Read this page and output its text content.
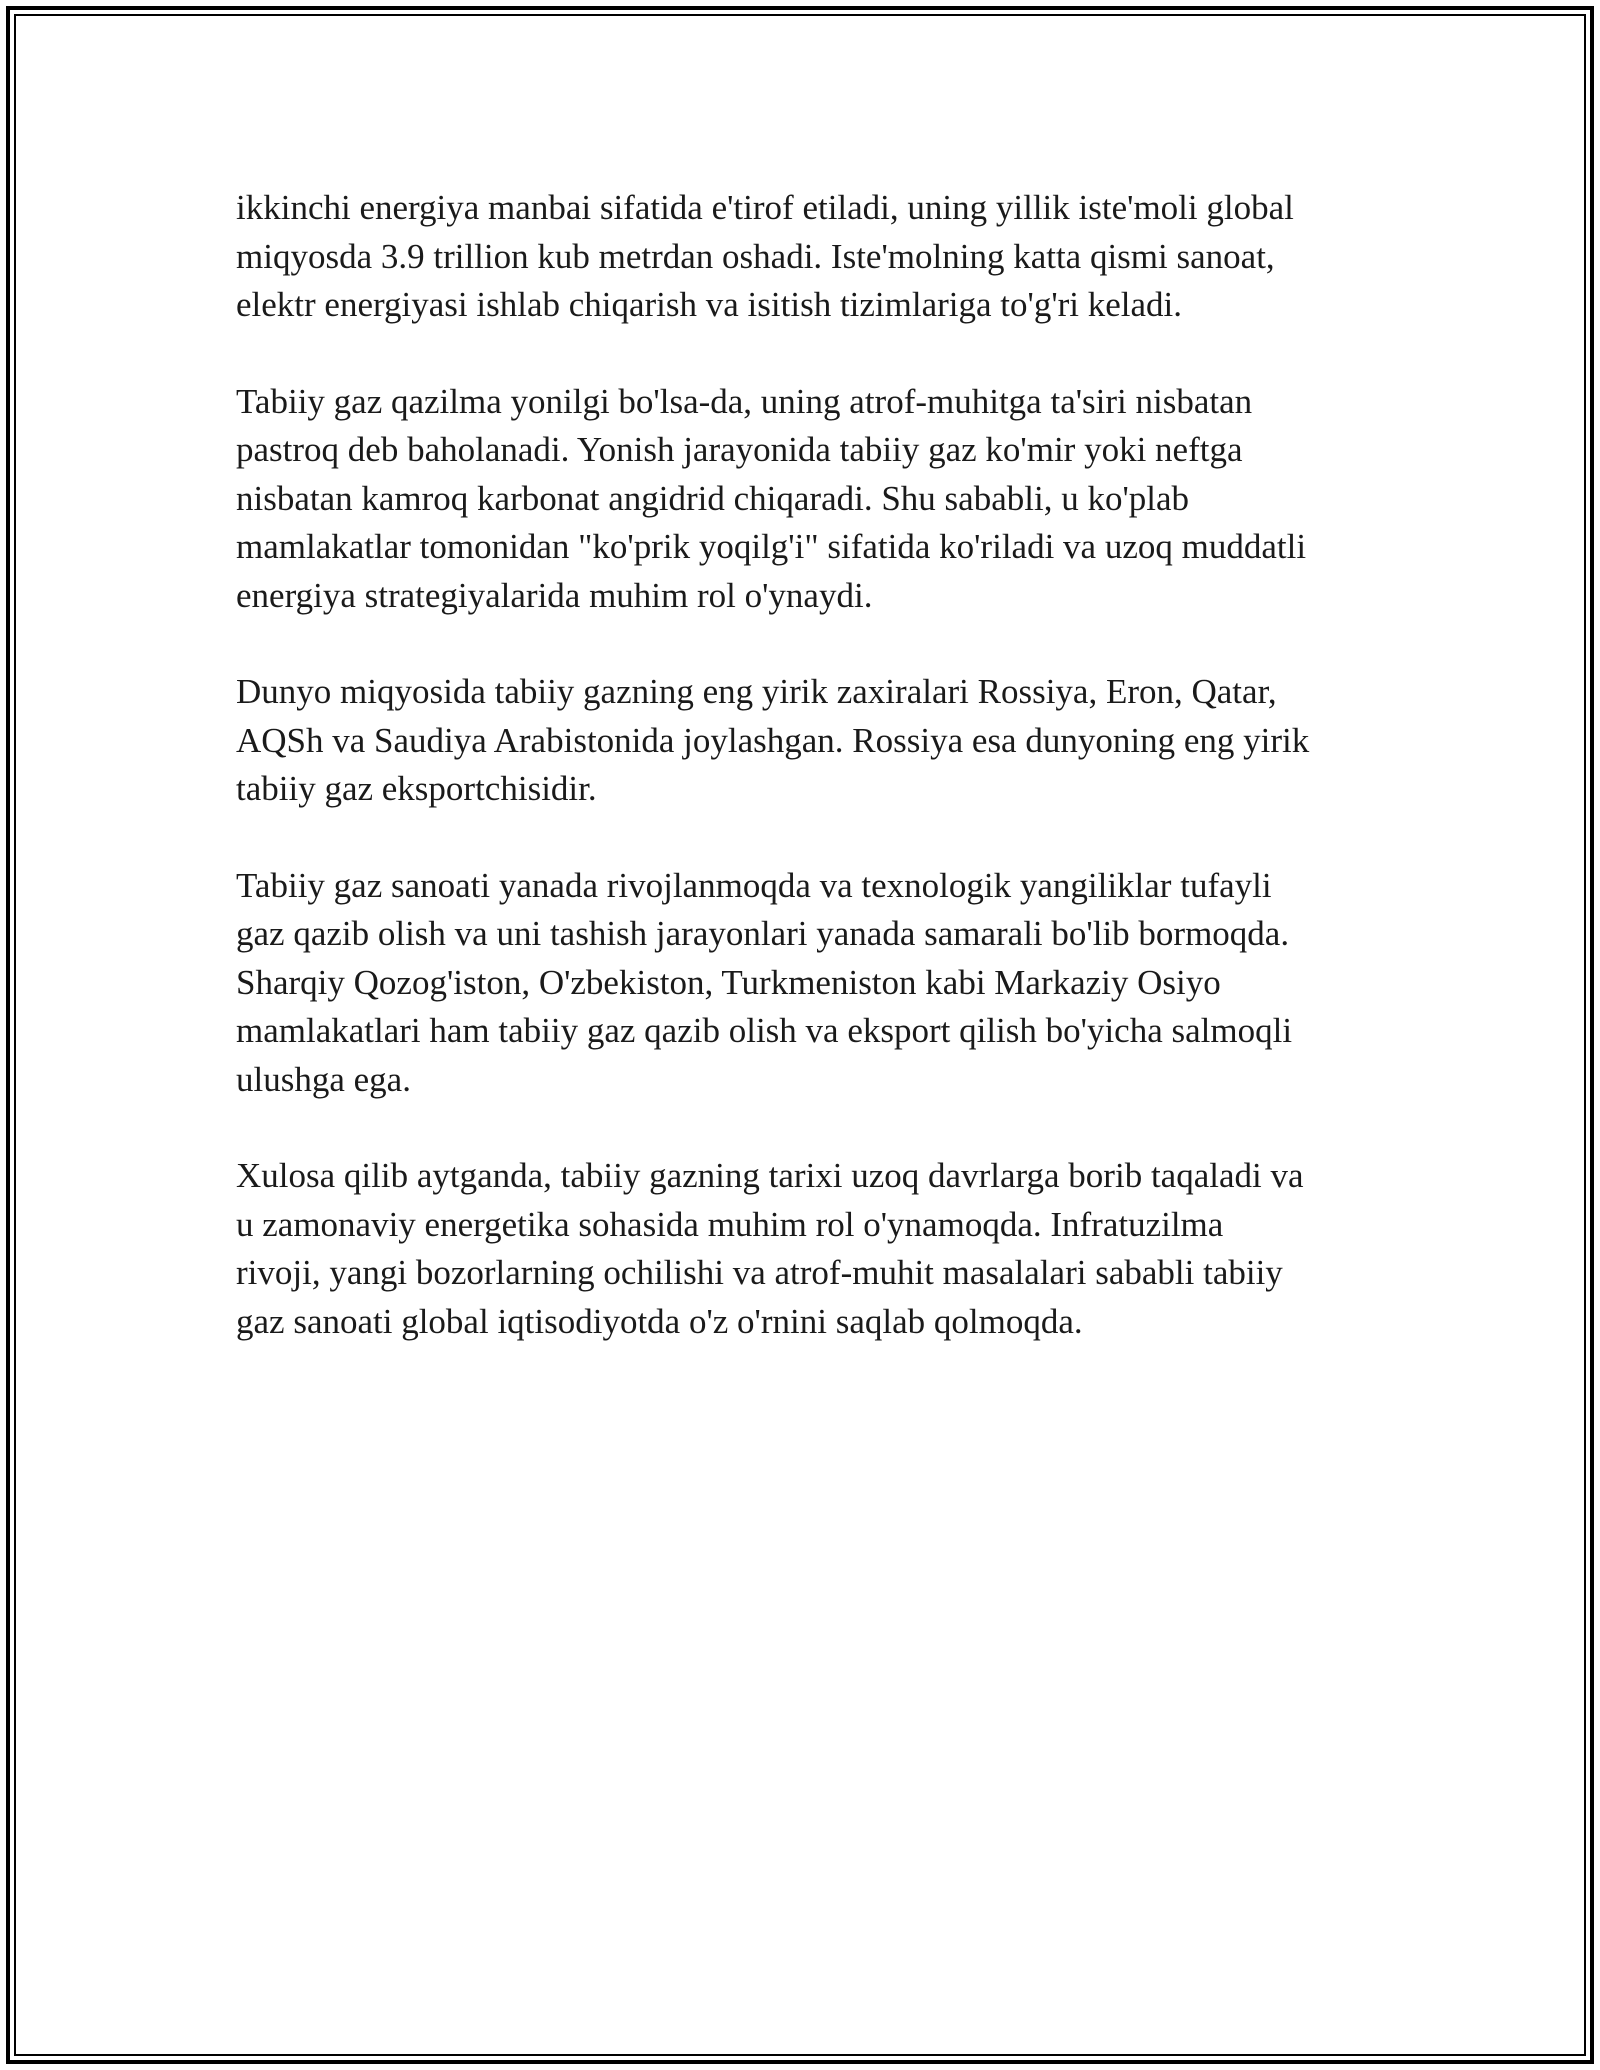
ikkinchi energiya manbai sifatida e'tirof etiladi, uning yillik iste'moli global
miqyosda 3.9 trillion kub metrdan oshadi. Iste'molning katta qismi sanoat,
elektr energiyasi ishlab chiqarish va isitish tizimlariga to'g'ri keladi.

Tabiiy gaz qazilma yonilgi bo'lsa-da, uning atrof-muhitga ta'siri nisbatan
pastroq deb baholanadi. Yonish jarayonida tabiiy gaz ko'mir yoki neftga
nisbatan kamroq karbonat angidrid chiqaradi. Shu sababli, u ko'plab
mamlakatlar tomonidan "ko'prik yoqilg'i" sifatida ko'riladi va uzoq muddatli
energiya strategiyalarida muhim rol o'ynaydi.

Dunyo miqyosida tabiiy gazning eng yirik zaxiralari Rossiya, Eron, Qatar,
AQSh va Saudiya Arabistonida joylashgan. Rossiya esa dunyoning eng yirik
tabiiy gaz eksportchisidir.

Tabiiy gaz sanoati yanada rivojlanmoqda va texnologik yangiliklar tufayli
gaz qazib olish va uni tashish jarayonlari yanada samarali bo'lib bormoqda.
Sharqiy Qozog'iston, O'zbekiston, Turkmeniston kabi Markaziy Osiyo
mamlakatlari ham tabiiy gaz qazib olish va eksport qilish bo'yicha salmoqli
ulushga ega.

Xulosa qilib aytganda, tabiiy gazning tarixi uzoq davrlarga borib taqaladi va
u zamonaviy energetika sohasida muhim rol o'ynamoqda. Infratuzilma
rivoji, yangi bozorlarning ochilishi va atrof-muhit masalalari sababli tabiiy
gaz sanoati global iqtisodiyotda o'z o'rnini saqlab qolmoqda.
